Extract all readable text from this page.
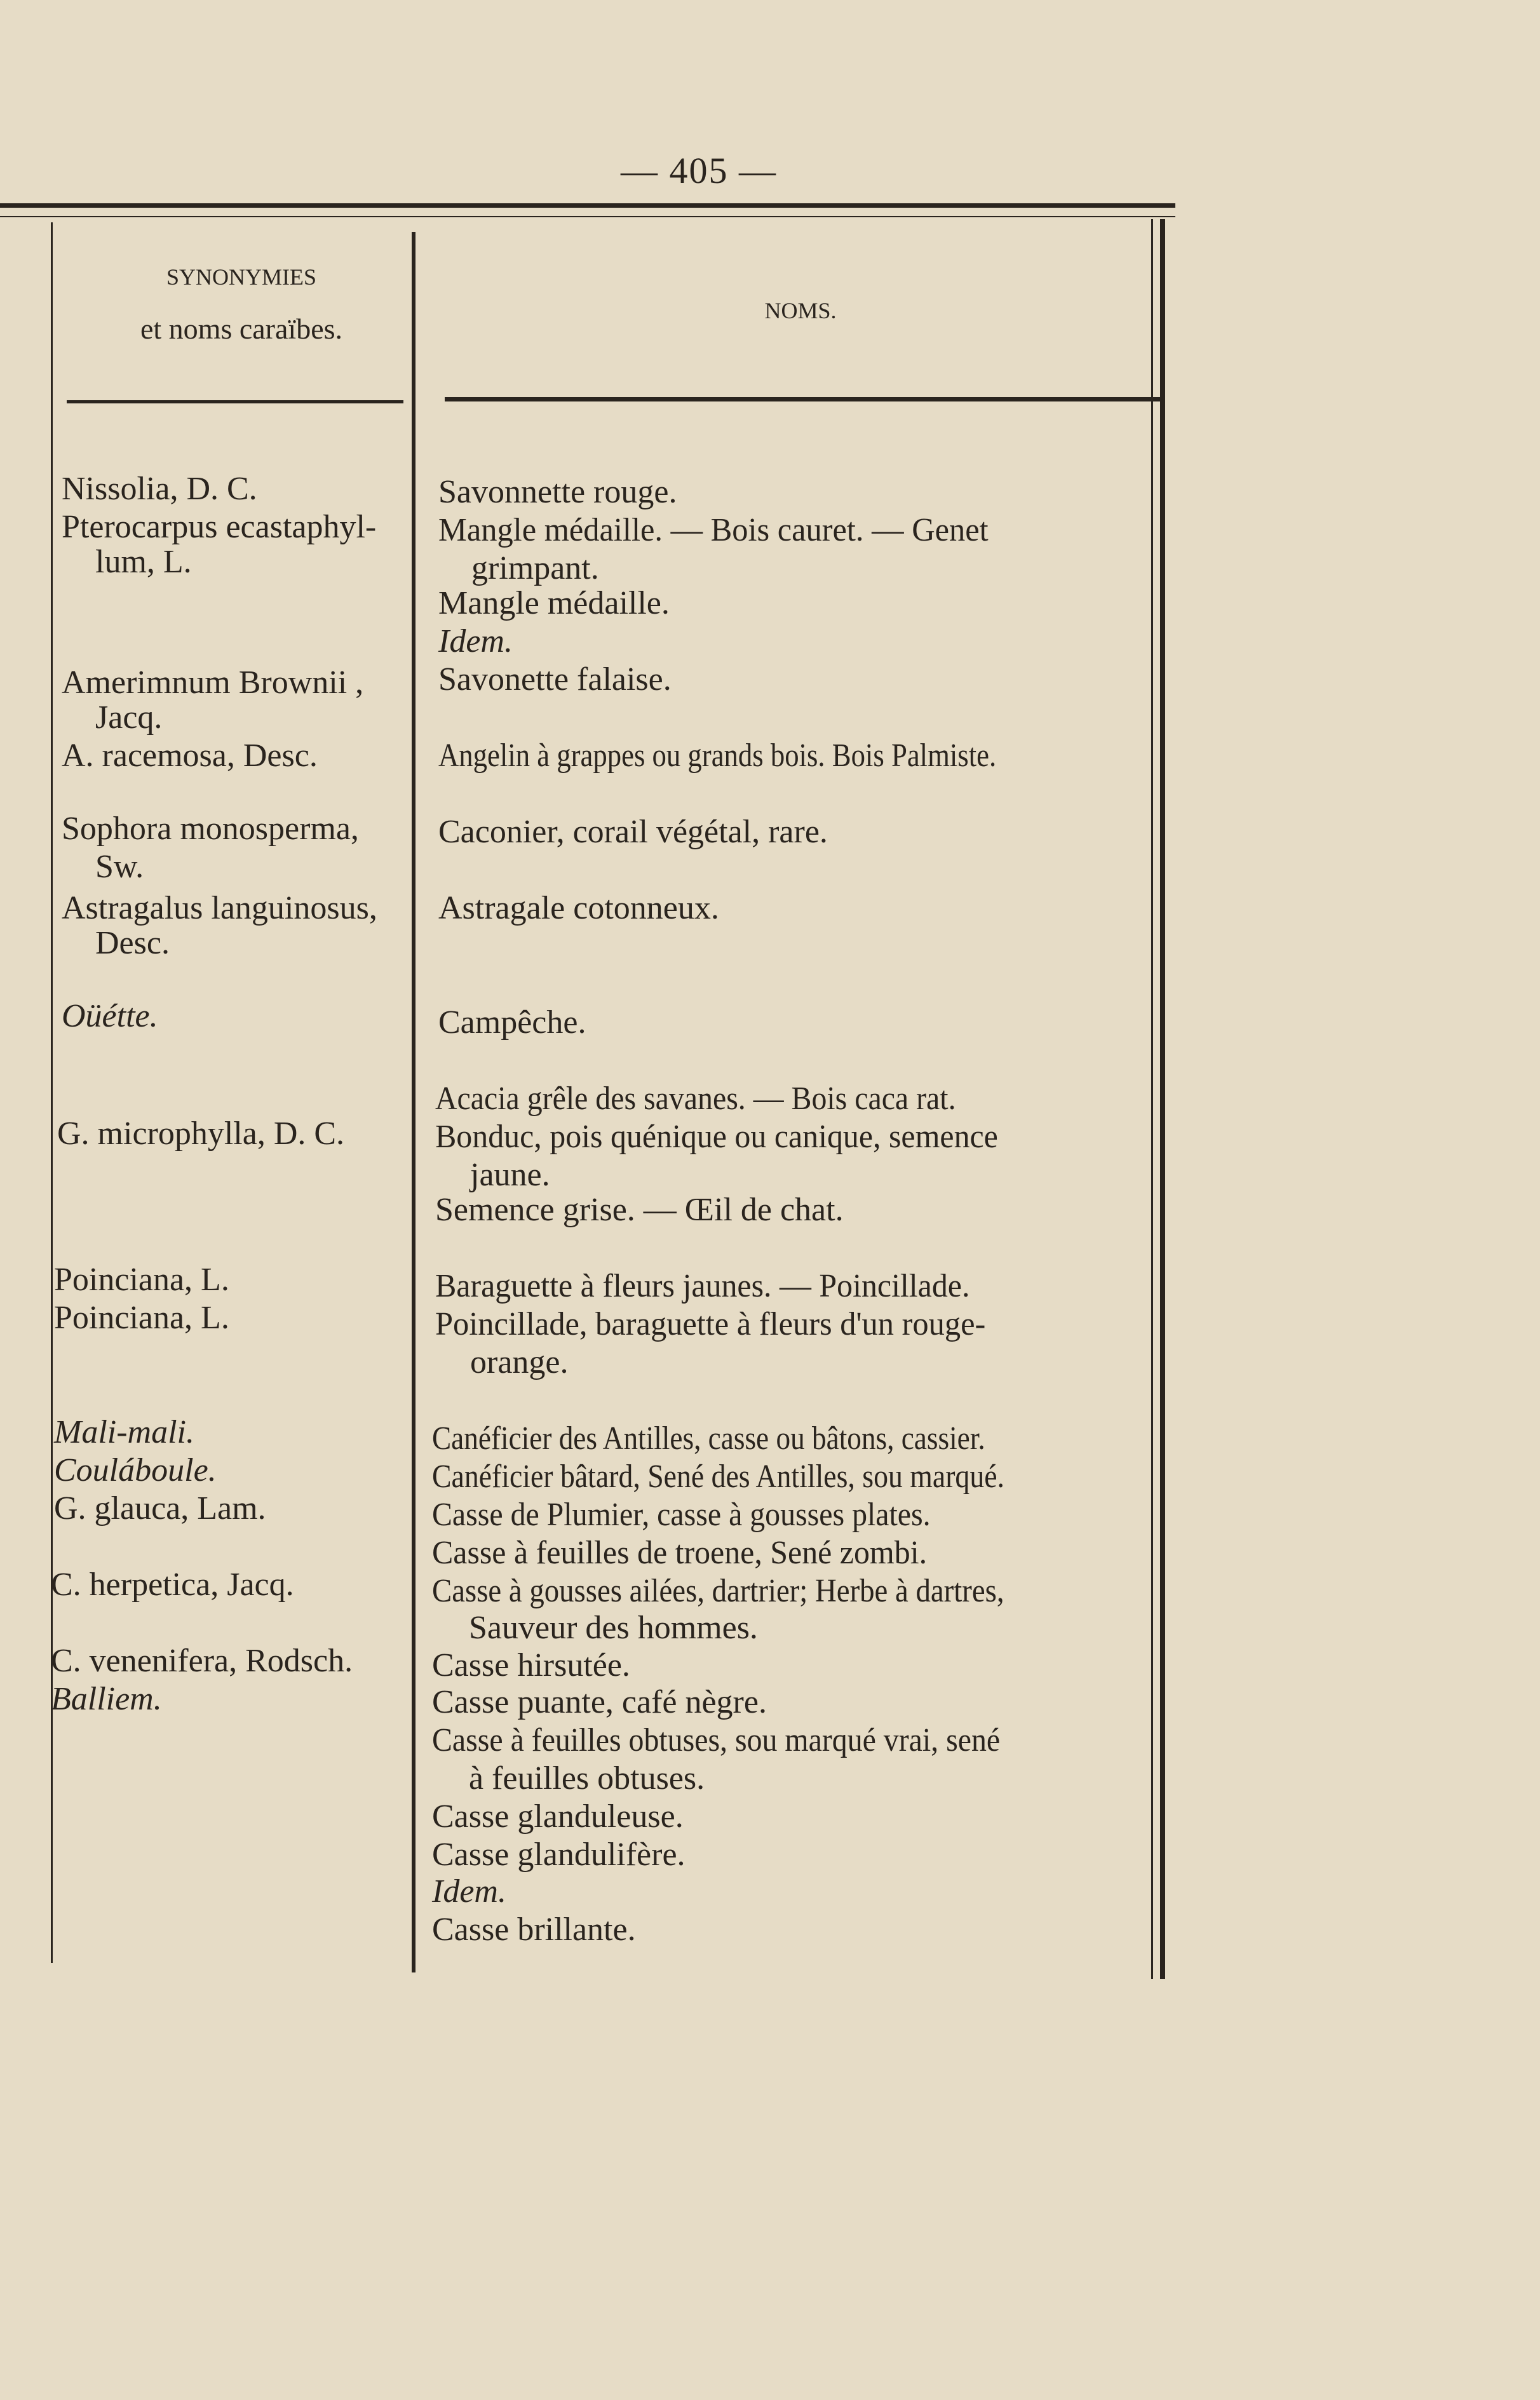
— 405 —
SYNONYMIES
et noms caraïbes.
NOMS.
Nissolia, D. C.
Pterocarpus ecastaphyl-
lum, L.
Amerimnum Brownii ,
Jacq.
A. racemosa, Desc.
Sophora monosperma,
Sw.
Astragalus languinosus,
Desc.
Oüétte.
G. microphylla, D. C.
Poinciana, L.
Poinciana, L.
Mali-mali.
Couláboule.
G. glauca, Lam.
C. herpetica, Jacq.
C. venenifera, Rodsch.
Balliem.
Savonnette rouge.
Mangle médaille. — Bois cauret. — Genet
grimpant.
Mangle médaille.
Idem.
Savonette falaise.
Angelin à grappes ou grands bois. Bois Palmiste.
Caconier, corail végétal, rare.
Astragale cotonneux.
Campêche.
Acacia grêle des savanes. — Bois caca rat.
Bonduc, pois quénique ou canique, semence
jaune.
Semence grise. — Œil de chat.
Baraguette à fleurs jaunes. — Poincillade.
Poincillade, baraguette à fleurs d'un rouge-
orange.
Canéficier des Antilles, casse ou bâtons, cassier.
Canéficier bâtard, Sené des Antilles, sou marqué.
Casse de Plumier, casse à gousses plates.
Casse à feuilles de troene, Sené zombi.
Casse à gousses ailées, dartrier; Herbe à dartres,
Sauveur des hommes.
Casse hirsutée.
Casse puante, café nègre.
Casse à feuilles obtuses, sou marqué vrai, sené
à feuilles obtuses.
Casse glanduleuse.
Casse glandulifère.
Idem.
Casse brillante.
